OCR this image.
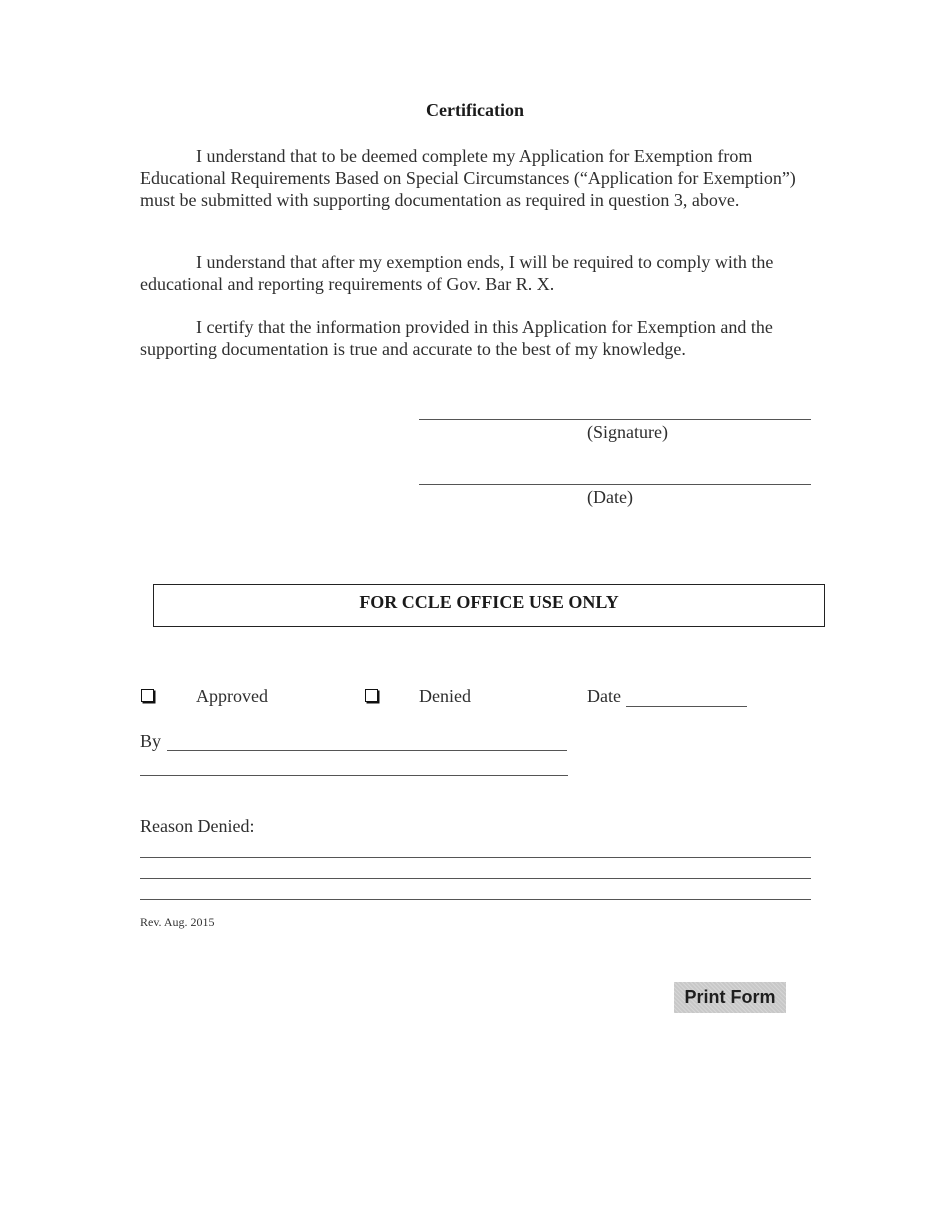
Certification
I understand that to be deemed complete my Application for Exemption from Educational Requirements Based on Special Circumstances (“Application for Exemption”) must be submitted with supporting documentation as required in question 3, above.
I understand that after my exemption ends, I will be required to comply with the educational and reporting requirements of Gov. Bar R. X.
I certify that the information provided in this Application for Exemption and the supporting documentation is true and accurate to the best of my knowledge.
(Signature)
(Date)
FOR CCLE OFFICE USE ONLY
Approved	Denied	Date
By
Reason Denied:
Rev. Aug. 2015
Print Form
